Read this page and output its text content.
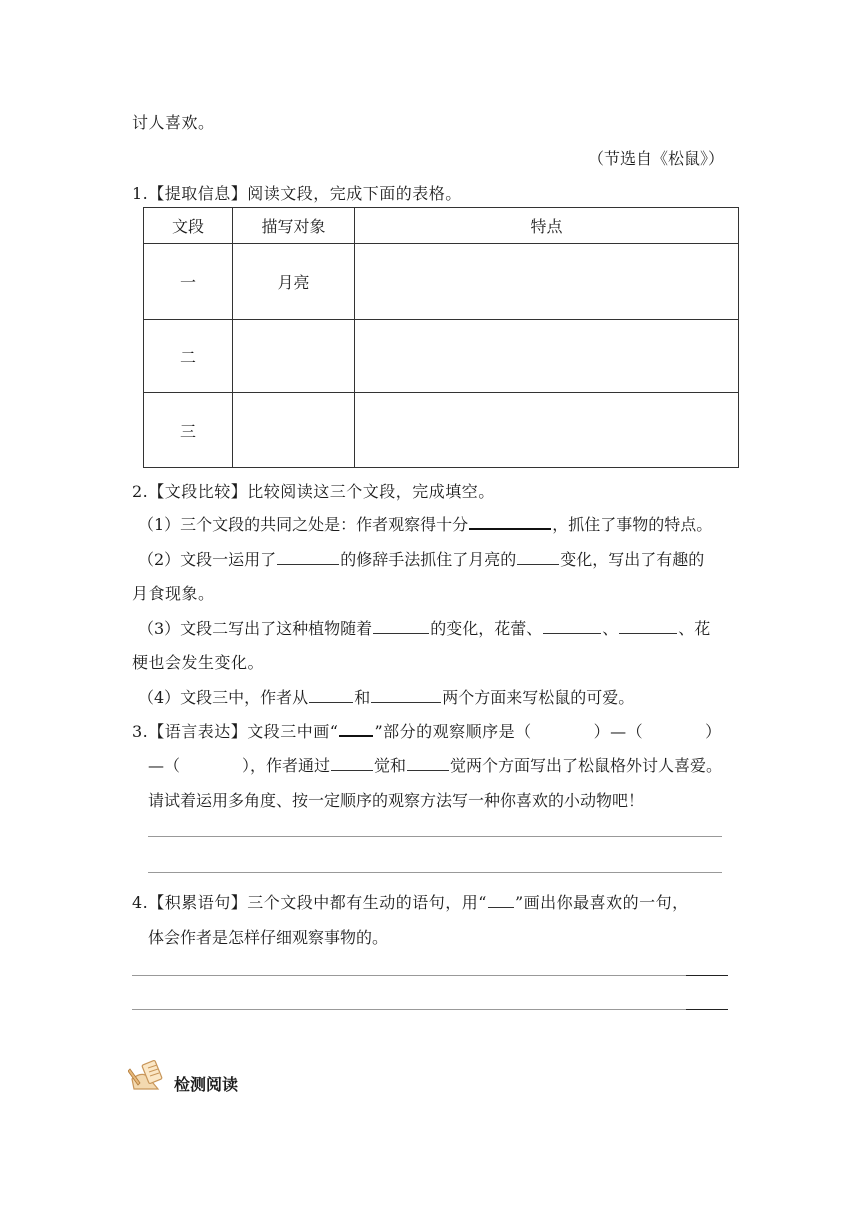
讨人喜欢。
（节选自《松鼠》）
1.【提取信息】阅读文段，完成下面的表格。
文段	描写对象	特点
一	月亮	
二		
三		
2.【文段比较】比较阅读这三个文段，完成填空。
（1）三个文段的共同之处是：作者观察得十分	，抓住了事物的特点。
（2）文段一运用了	的修辞手法抓住了月亮的	变化，写出了有趣的
月食现象。
（3）文段二写出了这种植物随着	的变化，花蕾、	、	、花
梗也会发生变化。
（4）文段三中，作者从	和	两个方面来写松鼠的可爱。
3.【语言表达】文段三中画“ ”部分的观察顺序是（	）—（	）
—（	），作者通过	觉和	觉两个方面写出了松鼠格外讨人喜爱。
请试着运用多角度、按一定顺序的观察方法写一种你喜欢的小动物吧！
4.【积累语句】三个文段中都有生动的语句，用“ ”画出你最喜欢的一句，
体会作者是怎样仔细观察事物的。
检测阅读
